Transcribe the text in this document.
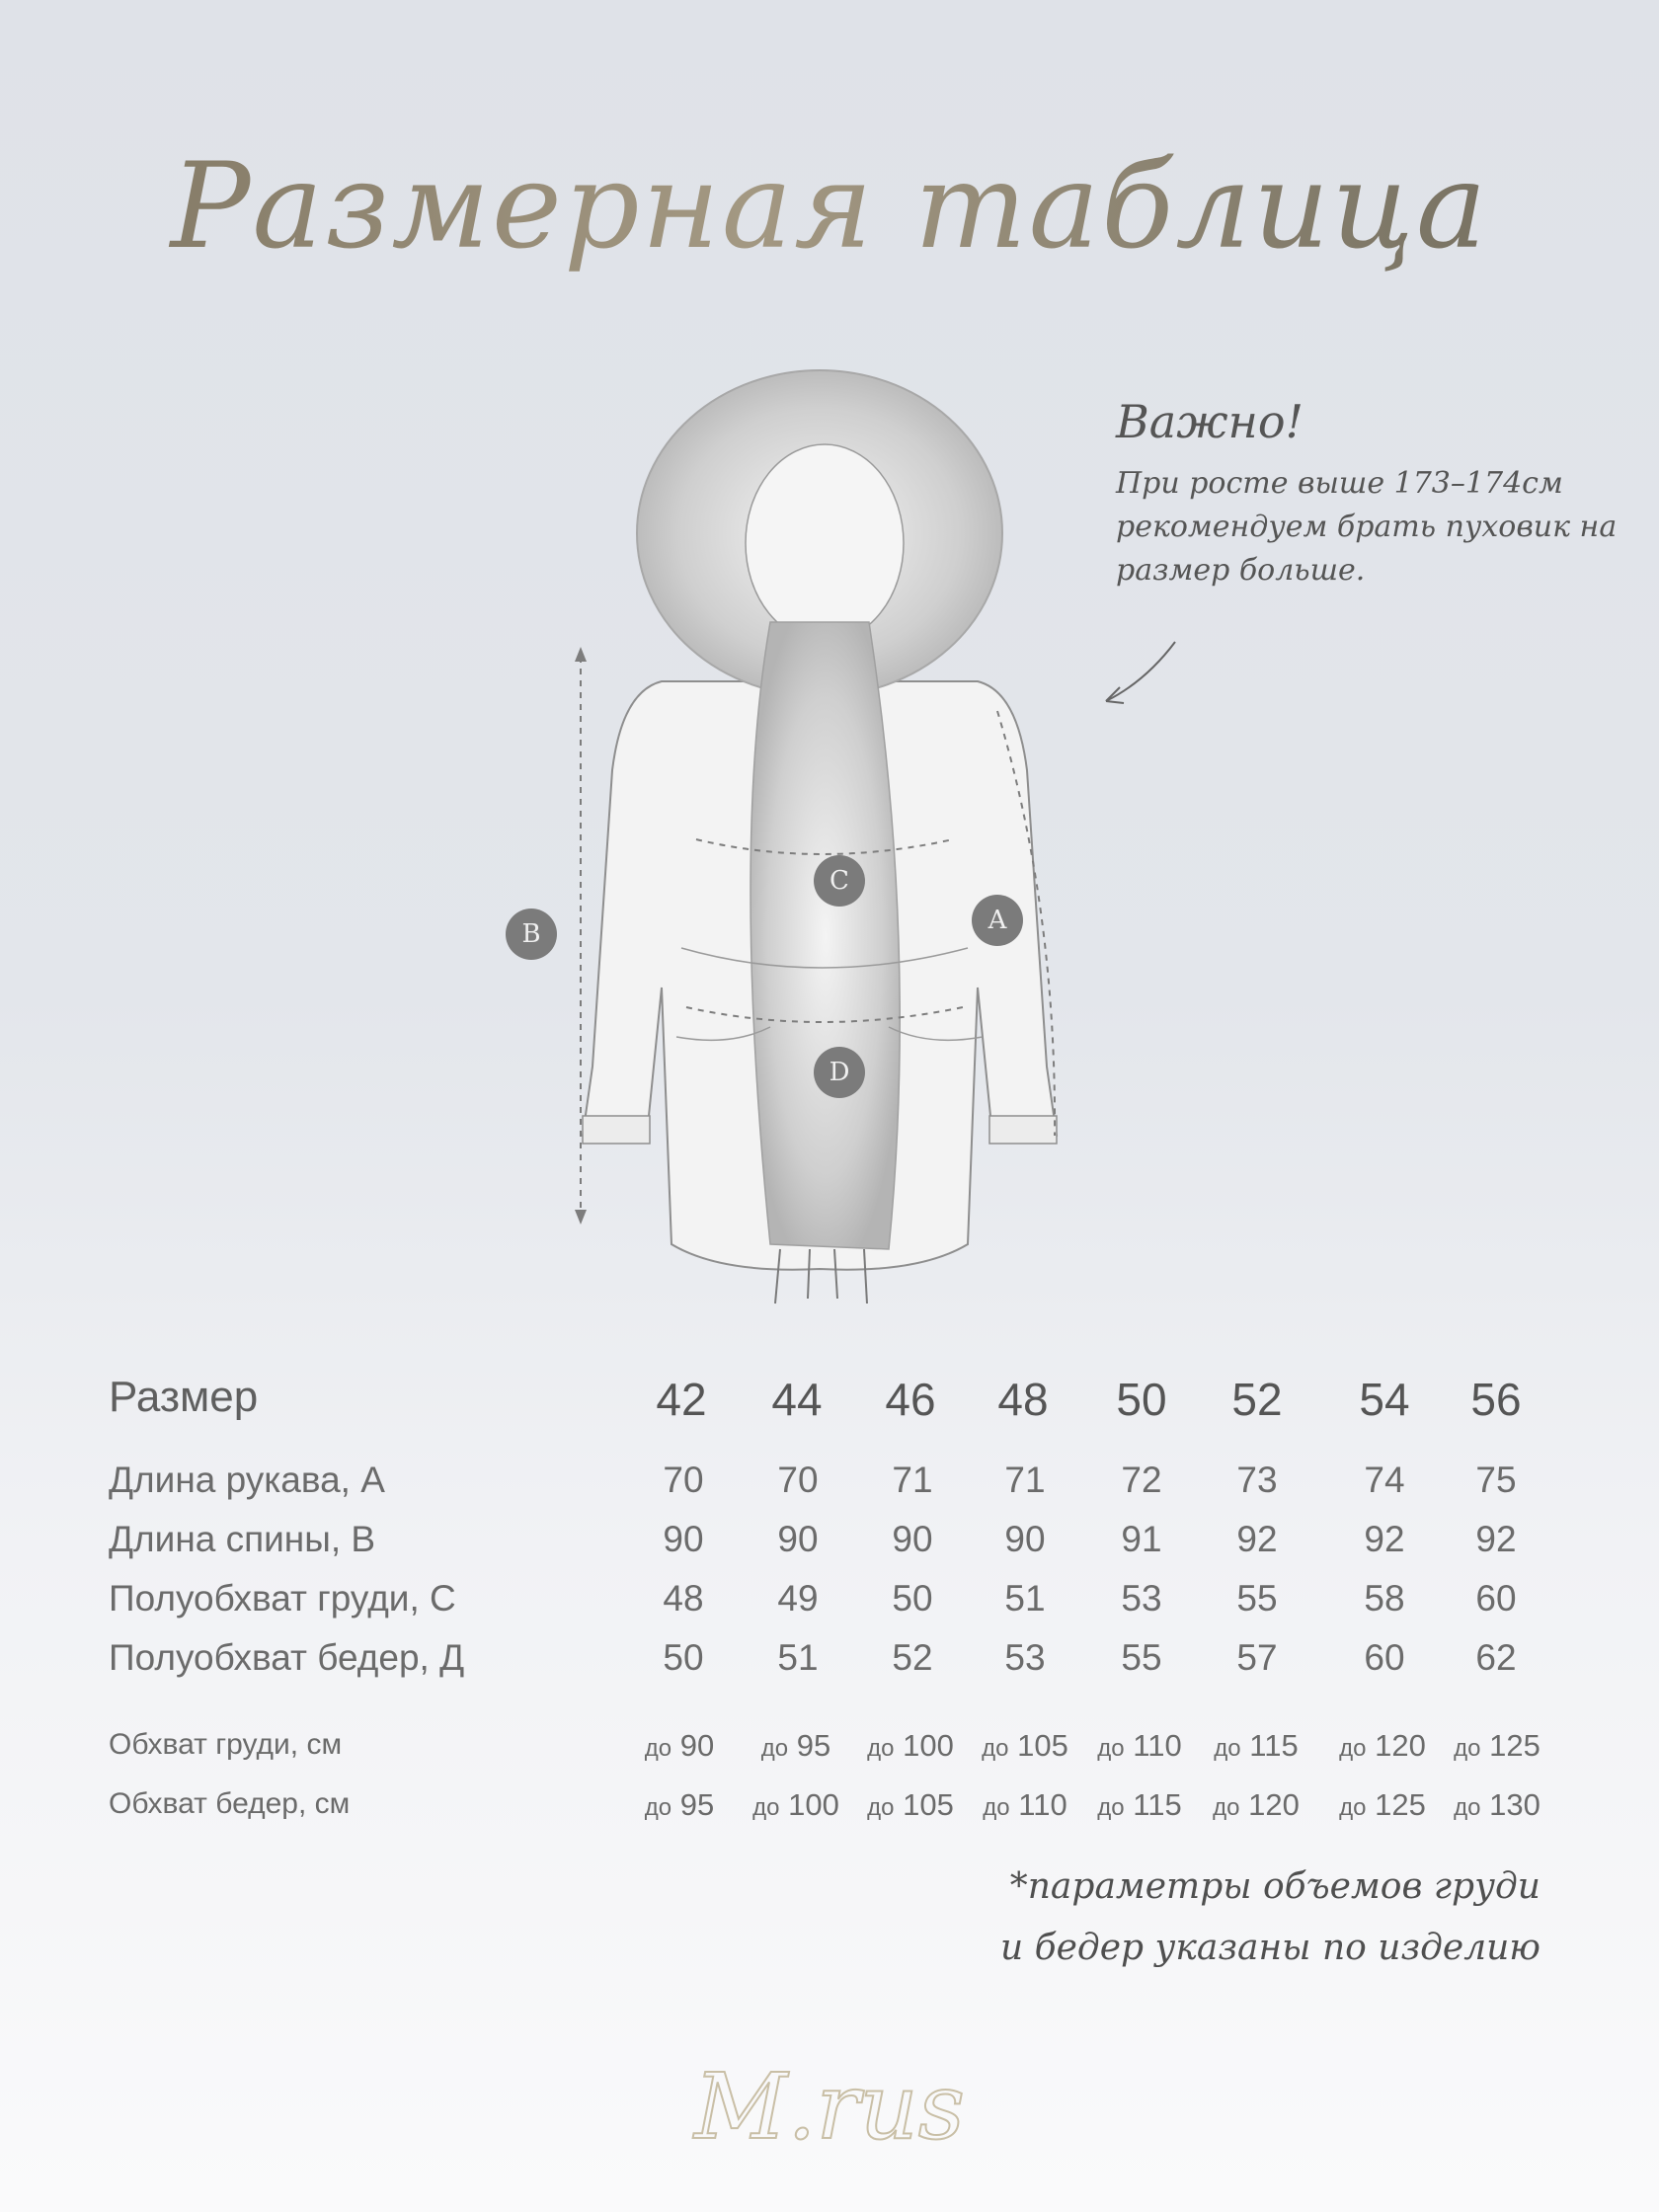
Размерная таблица
A
B
C
D
Важно!
При росте выше 173–174см рекомендуем брать пуховик на размер больше.
Размер	42	44	46	48	50	52	54	56
Длина рукава, А	70	70	71	71	72	73	74	75
Длина спины, В	90	90	90	90	91	92	92	92
Полуобхват груди, С	48	49	50	51	53	55	58	60
Полуобхват бедер, Д	50	51	52	53	55	57	60	62
Обхват груди, см	до 90	до 95	до 100	до 105	до 110	до 115	до 120	до 125
Обхват бедер, см	до 95	до 100	до 105	до 110	до 115	до 120	до 125	до 130
*параметры объемов груди
и бедер указаны по изделию
M.rus
